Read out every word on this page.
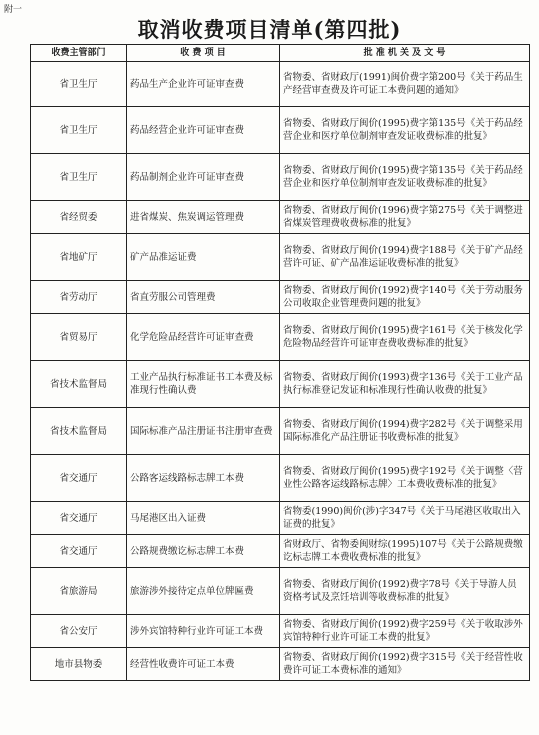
附一
取消收费项目清单(第四批)
收费主管部门	收 费 项 目	批 准 机 关 及 文 号
省卫生厅	药品生产企业许可证审查费	省物委、省财政厅(1991)闽价费字第200号《关于药品生产经营审查费及许可证工本费问题的通知》
省卫生厅	药品经营企业许可证审查费	省物委、省财政厅闽价(1995)费字第135号《关于药品经营企业和医疗单位制剂审查发证收费标准的批复》
省卫生厅	药品制剂企业许可证审查费	省物委、省财政厅闽价(1995)费字第135号《关于药品经营企业和医疗单位制剂审查发证收费标准的批复》
省经贸委	进省煤炭、焦炭调运管理费	省物委、省财政厅闽价(1996)费字第275号《关于调整进省煤炭管理费收费标准的批复》
省地矿厅	矿产品准运证费	省物委、省财政厅闽价(1994)费字188号《关于矿产品经营许可证、矿产品准运证收费标准的批复》
省劳动厅	省直劳服公司管理费	省物委、省财政厅闽价(1992)费字140号《关于劳动服务公司收取企业管理费问题的批复》
省贸易厅	化学危险品经营许可证审查费	省物委、省财政厅闽价(1995)费字161号《关于核发化学危险物品经营许可证审查费收费标准的批复》
省技术监督局	工业产品执行标准证书工本费及标准现行性确认费	省物委、省财政厅闽价(1993)费字136号《关于工业产品执行标准登记发证和标准现行性确认收费的批复》
省技术监督局	国际标准产品注册证书注册审查费	省物委、省财政厅闽价(1994)费字282号《关于调整采用国际标准化产品注册证书收费标准的批复》
省交通厅	公路客运线路标志牌工本费	省物委、省财政厅闽价(1995)费字192号《关于调整〈营业性公路客运线路标志牌〉工本费收费标准的批复》
省交通厅	马尾港区出入证费	省物委(1990)闽价(涉)字347号《关于马尾港区收取出入证费的批复》
省交通厅	公路规费缴讫标志牌工本费	省财政厅、省物委闽财综(1995)107号《关于公路规费缴讫标志牌工本费收费标准的批复》
省旅游局	旅游涉外接待定点单位牌匾费	省物委、省财政厅闽价(1992)费字78号《关于导游人员资格考试及烹饪培训等收费标准的批复》
省公安厅	涉外宾馆特种行业许可证工本费	省物委、省财政厅闽价(1992)费字259号《关于收取涉外宾馆特种行业许可证工本费的批复》
地市县物委	经营性收费许可证工本费	省物委、省财政厅闽价(1992)费字315号《关于经营性收费许可证工本费标准的通知》
